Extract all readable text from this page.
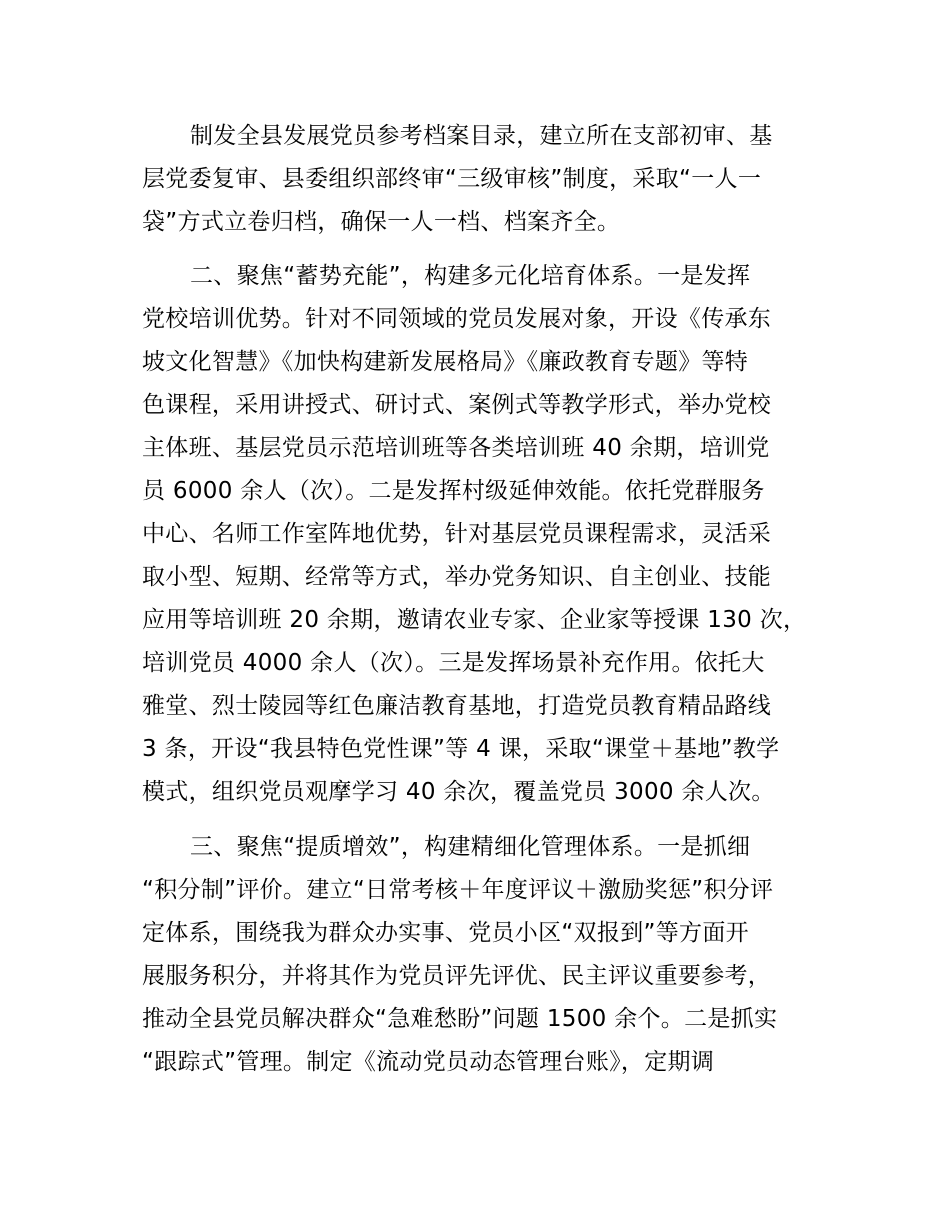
制发全县发展党员参考档案目录，建立所在支部初审、基
层党委复审、县委组织部终审“三级审核”制度，采取“一人一
袋”方式立卷归档，确保一人一档、档案齐全。
二、聚焦“蓄势充能”，构建多元化培育体系。一是发挥
党校培训优势。针对不同领域的党员发展对象，开设《传承东
坡文化智慧》《加快构建新发展格局》《廉政教育专题》等特
色课程，采用讲授式、研讨式、案例式等教学形式，举办党校
主体班、基层党员示范培训班等各类培训班 40 余期，培训党
员 6000 余人（次）。二是发挥村级延伸效能。依托党群服务
中心、名师工作室阵地优势，针对基层党员课程需求，灵活采
取小型、短期、经常等方式，举办党务知识、自主创业、技能
应用等培训班 20 余期，邀请农业专家、企业家等授课 130 次，
培训党员 4000 余人（次）。三是发挥场景补充作用。依托大
雅堂、烈士陵园等红色廉洁教育基地，打造党员教育精品路线
3 条，开设“我县特色党性课”等 4 课，采取“课堂＋基地”教学
模式，组织党员观摩学习 40 余次，覆盖党员 3000 余人次。
三、聚焦“提质增效”，构建精细化管理体系。一是抓细
“积分制”评价。建立“日常考核＋年度评议＋激励奖惩”积分评
定体系，围绕我为群众办实事、党员小区“双报到”等方面开
展服务积分，并将其作为党员评先评优、民主评议重要参考，
推动全县党员解决群众“急难愁盼”问题 1500 余个。二是抓实
“跟踪式”管理。制定《流动党员动态管理台账》，定期调
